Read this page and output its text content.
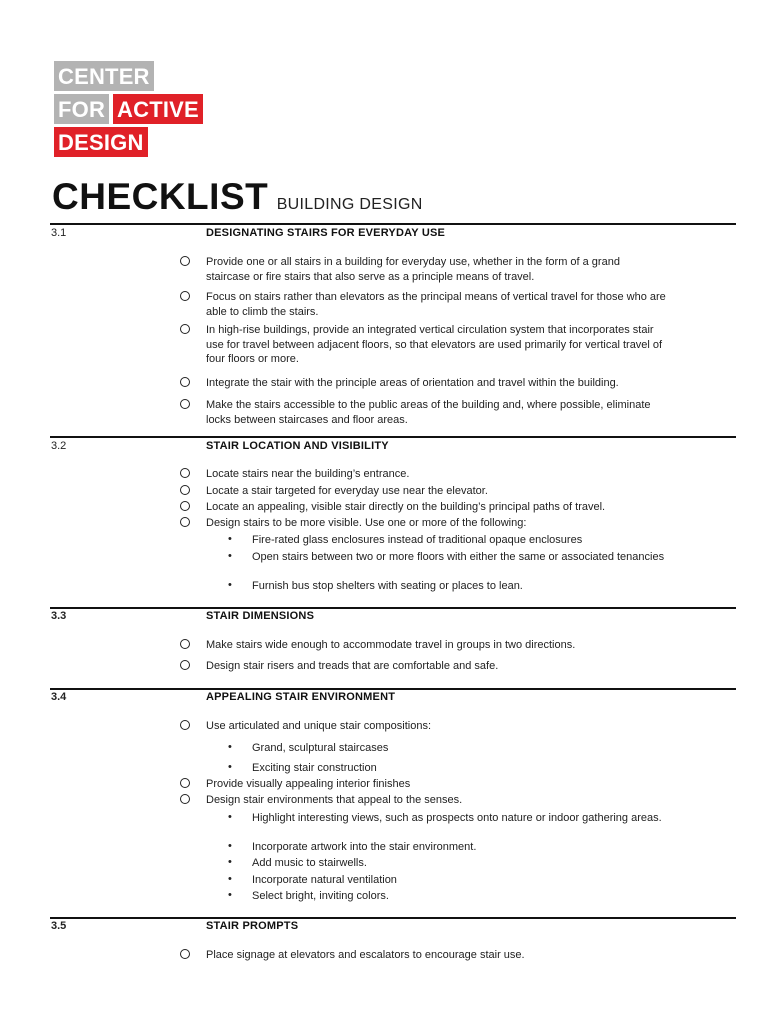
CENTER
FOR ACTIVE
DESIGN
CHECKLIST BUILDING DESIGN
3.1	DESIGNATING STAIRS FOR EVERYDAY USE
Provide one or all stairs in a building for everyday use, whether in the form of a grand staircase or fire stairs that also serve as a principle means of travel.
Focus on stairs rather than elevators as the principal means of vertical travel for those who are able to climb the stairs.
In high-rise buildings, provide an integrated vertical circulation system that incorporates stair use for travel between adjacent floors, so that elevators are used primarily for vertical travel of four floors or more.
Integrate the stair with the principle areas of orientation and travel within the building.
Make the stairs accessible to the public areas of the building and, where possible, eliminate locks between staircases and floor areas.
3.2	STAIR LOCATION AND VISIBILITY
Locate stairs near the building’s entrance.
Locate a stair targeted for everyday use near the elevator.
Locate an appealing, visible stair directly on the building’s principal paths of travel.
Design stairs to be more visible. Use one or more of the following:
• Fire-rated glass enclosures instead of traditional opaque enclosures
• Open stairs between two or more floors with either the same or associated tenancies
• Furnish bus stop shelters with seating or places to lean.
3.3	STAIR DIMENSIONS
Make stairs wide enough to accommodate travel in groups in two directions.
Design stair risers and treads that are comfortable and safe.
3.4	APPEALING STAIR ENVIRONMENT
Use articulated and unique stair compositions:
• Grand, sculptural staircases
• Exciting stair construction
Provide visually appealing interior finishes
Design stair environments that appeal to the senses.
• Highlight interesting views, such as prospects onto nature or indoor gathering areas.
• Incorporate artwork into the stair environment.
• Add music to stairwells.
• Incorporate natural ventilation
• Select bright, inviting colors.
3.5	STAIR PROMPTS
Place signage at elevators and escalators to encourage stair use.
